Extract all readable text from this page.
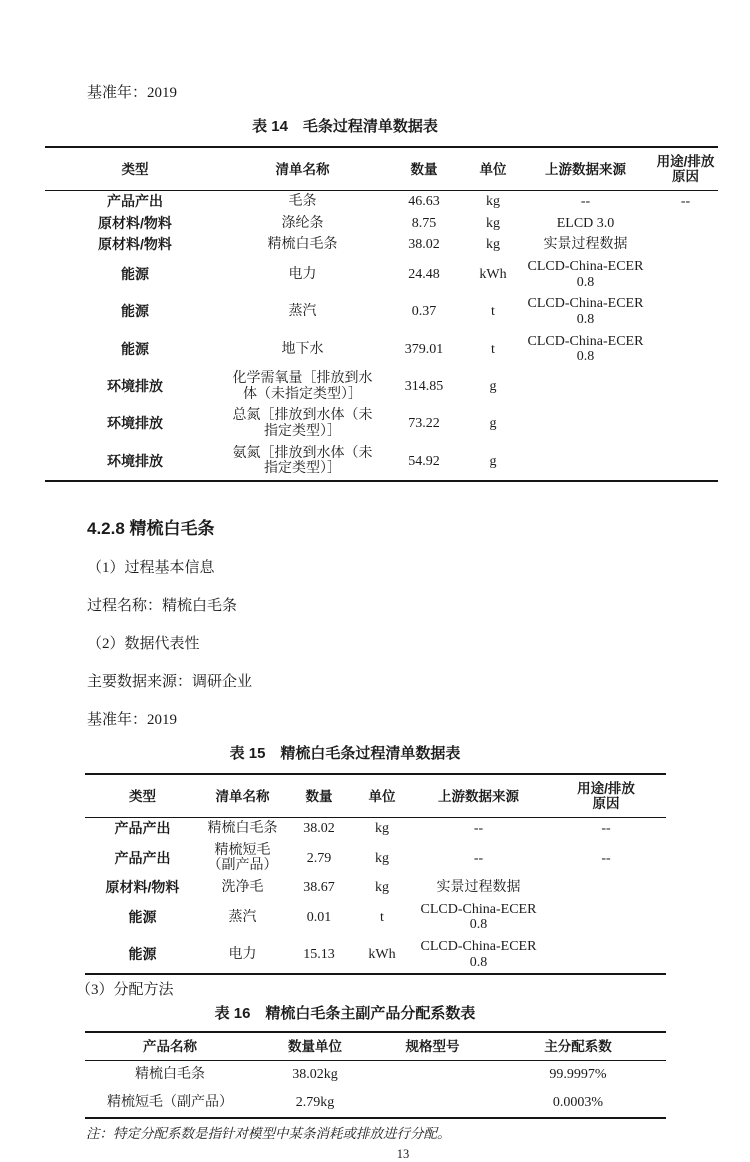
基准年：2019
表 14　毛条过程清单数据表
类型	清单名称	数量	单位	上游数据来源	用途/排放
原因
产品产出	毛条	46.63	kg	--	--
原材料/物料	涤纶条	8.75	kg	ELCD 3.0	
原材料/物料	精梳白毛条	38.02	kg	实景过程数据	
能源	电力	24.48	kWh	CLCD-China-ECER 0.8	
能源	蒸汽	0.37	t	CLCD-China-ECER 0.8	
能源	地下水	379.01	t	CLCD-China-ECER 0.8	
环境排放	化学需氧量［排放到水体（未指定类型）］	314.85	g		
环境排放	总氮［排放到水体（未指定类型）］	73.22	g		
环境排放	氨氮［排放到水体（未指定类型）］	54.92	g		
4.2.8 精梳白毛条
（1）过程基本信息
过程名称：精梳白毛条
（2）数据代表性
主要数据来源：调研企业
基准年：2019
表 15　精梳白毛条过程清单数据表
类型	清单名称	数量	单位	上游数据来源	用途/排放
原因
产品产出	精梳白毛条	38.02	kg	--	--
产品产出	精梳短毛（副产品）	2.79	kg	--	--
原材料/物料	洗净毛	38.67	kg	实景过程数据	
能源	蒸汽	0.01	t	CLCD-China-ECER 0.8	
能源	电力	15.13	kWh	CLCD-China-ECER 0.8	
（3）分配方法
表 16　精梳白毛条主副产品分配系数表
产品名称	数量单位	规格型号	主分配系数
精梳白毛条	38.02kg		99.9997%
精梳短毛（副产品）	2.79kg		0.0003%
注：特定分配系数是指针对模型中某条消耗或排放进行分配。
13
